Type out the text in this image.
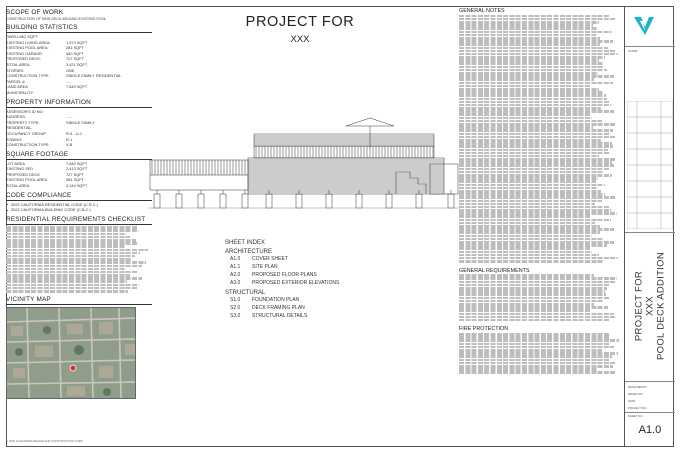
SCOPE OF WORK
CONSTRUCTION OF NEW DECK AROUND EXISTING POOL
BUILDING STATISTICS
DWELLING SQFT
EXISTING LIVING AREA:	1,973 SQFT
EXISTING POOL AREA:	281 SQFT
EXISTING GARAGE:	440 SQFT
PROPOSED DECK:	727 SQFT
TOTAL AREA:	3,421 SQFT
STORIES:	ONE
CONSTRUCTION TYPE:	SINGLE FAMILY RESIDENTIAL
PARCEL #:	......
LAND AREA	7,840 SQFT
MUNICIPALITY:
PROPERTY INFORMATION
ASSESSOR'S ID NO:
ADDRESS:	......
PROPERTY TYPE:	SINGLE FAMILY
RESIDENTIAL
OCCUPANCY GROUP:	R-3 - U-1
ZONING:	R-1
CONSTRUCTION TYPE:	V-B
SQUARE FOOTAGE
LOT AREA	7,840 SQFT
EXISTING SFD	2,413 SQFT
PROPOSED DECK	727 SQFT
EXISTING POOL AREA	281 SQFT
TOTAL AREA	3,144 SQFT
CODE COMPLIANCE
2022 CALIFORNIA RESIDENTIAL CODE (C.R.C.)
2022 CALIFORNIA BUILDING CODE (C.B.C.)
RESIDENTIAL REQUIREMENTS CHECKLIST
VICINITY MAP
© 2024 CALIFORNIA DESIGN AND CONSTRUCTION CORP.
PROJECT FOR
XXX
SHEET INDEX
ARCHITECTURE
A1.0	COVER SHEET
A1.1	SITE PLAN
A2.0	PROPOSED FLOOR PLANS
A3.0	PROPOSED EXTERIOR ELEVATIONS
STRUCTURAL
S1.0	FOUNDATION PLAN
S2.0	DECK FRAMING PLAN
S3.0	STRUCTURAL DETAILS
GENERAL NOTES
GENERAL REQUIREMENTS
FIRE PROTECTION
STAMP
PROJECT FOR XXX POOL DECK ADDITION
DESIGNED BY:
DRAWN BY:
DATE:
PROJECT NO.:
SHEET NO.:
A1.0
